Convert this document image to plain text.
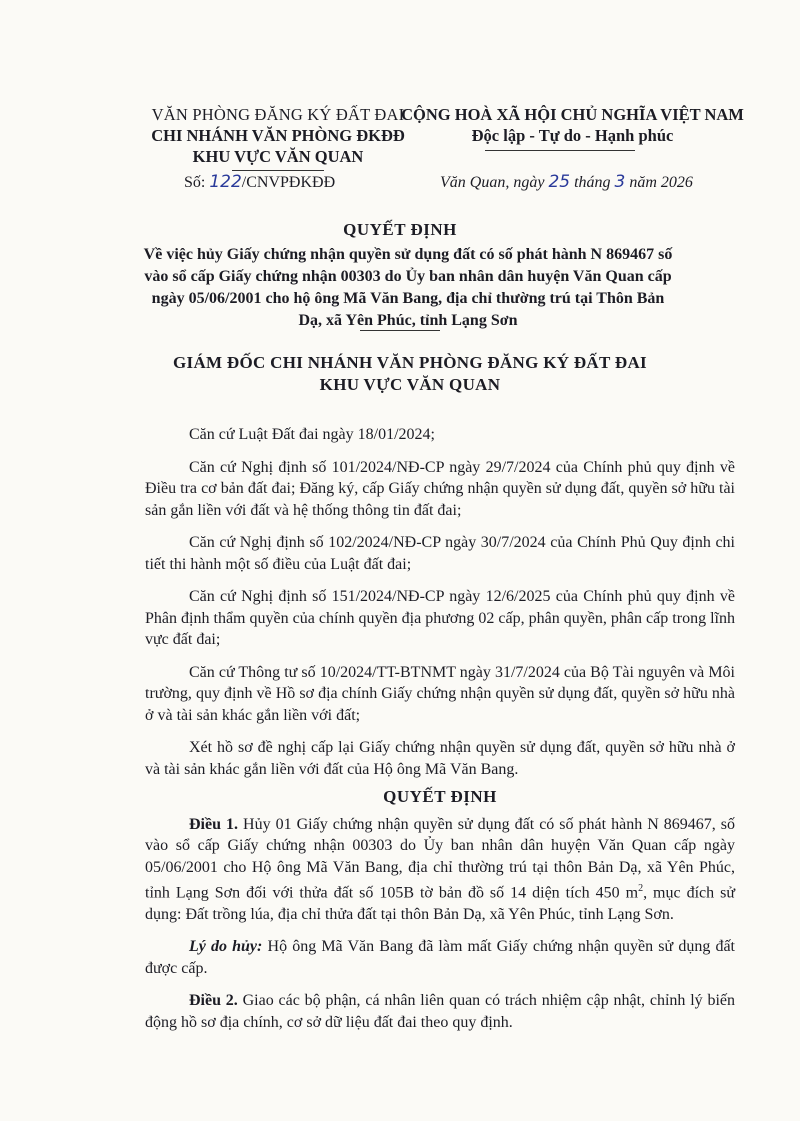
VĂN PHÒNG ĐĂNG KÝ ĐẤT ĐAI
CHI NHÁNH VĂN PHÒNG ĐKĐĐ
KHU VỰC VĂN QUAN
CỘNG HOÀ XÃ HỘI CHỦ NGHĨA VIỆT NAM
Độc lập - Tự do - Hạnh phúc
Số: 122/CNVPĐKĐĐ	Văn Quan, ngày 25 tháng 3 năm 2026
QUYẾT ĐỊNH
Về việc hủy Giấy chứng nhận quyền sử dụng đất có số phát hành N 869467 số vào sổ cấp Giấy chứng nhận 00303 do Ủy ban nhân dân huyện Văn Quan cấp ngày 05/06/2001 cho hộ ông Mã Văn Bang, địa chỉ thường trú tại Thôn Bản Dạ, xã Yên Phúc, tỉnh Lạng Sơn
GIÁM ĐỐC CHI NHÁNH VĂN PHÒNG ĐĂNG KÝ ĐẤT ĐAI
KHU VỰC VĂN QUAN

Căn cứ Luật Đất đai ngày 18/01/2024;

Căn cứ Nghị định số 101/2024/NĐ-CP ngày 29/7/2024 của Chính phủ quy định về Điều tra cơ bản đất đai; Đăng ký, cấp Giấy chứng nhận quyền sử dụng đất, quyền sở hữu tài sản gắn liền với đất và hệ thống thông tin đất đai;

Căn cứ Nghị định số 102/2024/NĐ-CP ngày 30/7/2024 của Chính Phủ Quy định chi tiết thi hành một số điều của Luật đất đai;

Căn cứ Nghị định số 151/2024/NĐ-CP ngày 12/6/2025 của Chính phủ quy định về Phân định thẩm quyền của chính quyền địa phương 02 cấp, phân quyền, phân cấp trong lĩnh vực đất đai;

Căn cứ Thông tư số 10/2024/TT-BTNMT ngày 31/7/2024 của Bộ Tài nguyên và Môi trường, quy định về Hồ sơ địa chính Giấy chứng nhận quyền sử dụng đất, quyền sở hữu nhà ở và tài sản khác gắn liền với đất;

Xét hồ sơ đề nghị cấp lại Giấy chứng nhận quyền sử dụng đất, quyền sở hữu nhà ở và tài sản khác gắn liền với đất của Hộ ông Mã Văn Bang.

QUYẾT ĐỊNH

Điều 1. Hủy 01 Giấy chứng nhận quyền sử dụng đất có số phát hành N 869467, số vào sổ cấp Giấy chứng nhận 00303 do Ủy ban nhân dân huyện Văn Quan cấp ngày 05/06/2001 cho Hộ ông Mã Văn Bang, địa chỉ thường trú tại thôn Bản Dạ, xã Yên Phúc, tỉnh Lạng Sơn đối với thửa đất số 105B tờ bản đồ số 14 diện tích 450 $m^2$, mục đích sử dụng: Đất trồng lúa, địa chỉ thửa đất tại thôn Bản Dạ, xã Yên Phúc, tỉnh Lạng Sơn.

Lý do hủy: Hộ ông Mã Văn Bang đã làm mất Giấy chứng nhận quyền sử dụng đất được cấp.

Điều 2. Giao các bộ phận, cá nhân liên quan có trách nhiệm cập nhật, chỉnh lý biến động hồ sơ địa chính, cơ sở dữ liệu đất đai theo quy định.
